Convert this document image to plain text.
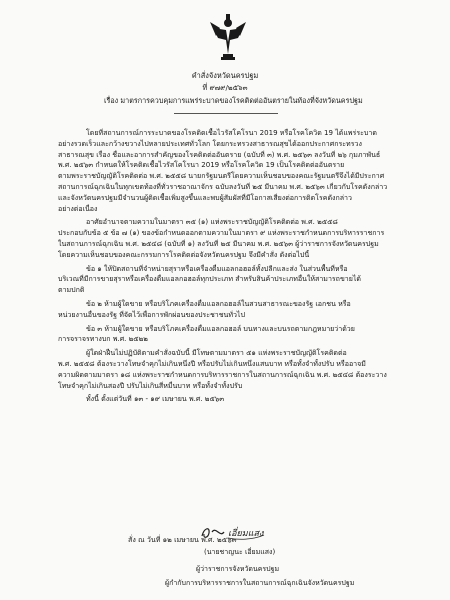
คำสั่งจังหวัดนครปฐม
ที่ ๙๗๙/๒๕๖๓
เรื่อง มาตรการควบคุมการแพร่ระบาดของโรคติดต่ออันตรายในท้องที่จังหวัดนครปฐม
โดยที่สถานการณ์การระบาดของโรคติดเชื้อไวรัสโคโรนา 2019 หรือโรคโควิด 19 ได้แพร่ระบาด
อย่างรวดเร็วและกว้างขวางไปหลายประเทศทั่วโลก โดยกระทรวงสาธารณสุขได้ออกประกาศกระทรวง
สาธารณสุข เรื่อง ชื่อและอาการสำคัญของโรคติดต่ออันตราย (ฉบับที่ ๓) พ.ศ. ๒๕๖๓ ลงวันที่ ๒๖ กุมภาพันธ์
พ.ศ. ๒๕๖๓ กำหนดให้โรคติดเชื้อไวรัสโคโรนา 2019 หรือโรคโควิด 19 เป็นโรคติดต่ออันตราย
ตามพระราชบัญญัติโรคติดต่อ พ.ศ. ๒๕๕๘ นายกรัฐมนตรีโดยความเห็นชอบของคณะรัฐมนตรีจึงได้มีประกาศ
สถานการณ์ฉุกเฉินในทุกเขตท้องที่ทั่วราชอาณาจักร ฉบับลงวันที่ ๒๕ มีนาคม พ.ศ. ๒๕๖๓ เกี่ยวกับโรคดังกล่าว
และจังหวัดนครปฐมมีจำนวนผู้ติดเชื้อเพิ่มสูงขึ้นและพบผู้สัมผัสที่มีโอกาสเสี่ยงต่อการติดโรคดังกล่าว
อย่างต่อเนื่อง
อาศัยอำนาจตามความในมาตรา ๓๕ (๑) แห่งพระราชบัญญัติโรคติดต่อ พ.ศ. ๒๕๕๘
ประกอบกับข้อ ๕ ข้อ ๗ (๑) ของข้อกำหนดออกตามความในมาตรา ๙ แห่งพระราชกำหนดการบริหารราชการ
ในสถานการณ์ฉุกเฉิน พ.ศ. ๒๕๔๘ (ฉบับที่ ๑) ลงวันที่ ๒๕ มีนาคม พ.ศ. ๒๕๖๓ ผู้ว่าราชการจังหวัดนครปฐม
โดยความเห็นชอบของคณะกรรมการโรคติดต่อจังหวัดนครปฐม จึงมีคำสั่ง ดังต่อไปนี้
ข้อ ๑ ให้ปิดสถานที่จำหน่ายสุราหรือเครื่องดื่มแอลกอฮอล์ทั้งปลีกและส่ง ในส่วนพื้นที่หรือ
บริเวณที่มีการขายสุราหรือเครื่องดื่มแอลกอฮอล์ทุกประเภท สำหรับสินค้าประเภทอื่นให้สามารถขายได้
ตามปกติ
ข้อ ๒ ห้ามผู้ใดขาย หรือบริโภคเครื่องดื่มแอลกอฮอล์ในสวนสาธารณะของรัฐ เอกชน หรือ
หน่วยงานอื่นของรัฐ ที่จัดไว้เพื่อการพักผ่อนของประชาชนทั่วไป
ข้อ ๓ ห้ามผู้ใดขาย หรือบริโภคเครื่องดื่มแอลกอฮอล์ บนทางและบนรถตามกฎหมายว่าด้วย
การจราจรทางบก พ.ศ. ๒๕๒๒
ผู้ใดฝ่าฝืนไม่ปฏิบัติตามคำสั่งฉบับนี้ มีโทษตามมาตรา ๕๑ แห่งพระราชบัญญัติโรคติดต่อ
พ.ศ. ๒๕๕๘ ต้องระวางโทษจำคุกไม่เกินหนึ่งปี หรือปรับไม่เกินหนึ่งแสนบาท หรือทั้งจำทั้งปรับ หรืออาจมี
ความผิดตามมาตรา ๑๘ แห่งพระราชกำหนดการบริหารราชการในสถานการณ์ฉุกเฉิน พ.ศ. ๒๕๔๘ ต้องระวาง
โทษจำคุกไม่เกินสองปี ปรับไม่เกินสี่หมื่นบาท หรือทั้งจำทั้งปรับ
ทั้งนี้ ตั้งแต่วันที่ ๑๓ - ๑๙ เมษายน พ.ศ. ๒๕๖๓
สั่ง ณ วันที่ ๑๒ เมษายน พ.ศ. ๒๕๖๓
เอี่ยมแสง
(นายชาญนะ เอี่ยมแสง)
ผู้ว่าราชการจังหวัดนครปฐม
ผู้กำกับการบริหารราชการในสถานการณ์ฉุกเฉินจังหวัดนครปฐม
